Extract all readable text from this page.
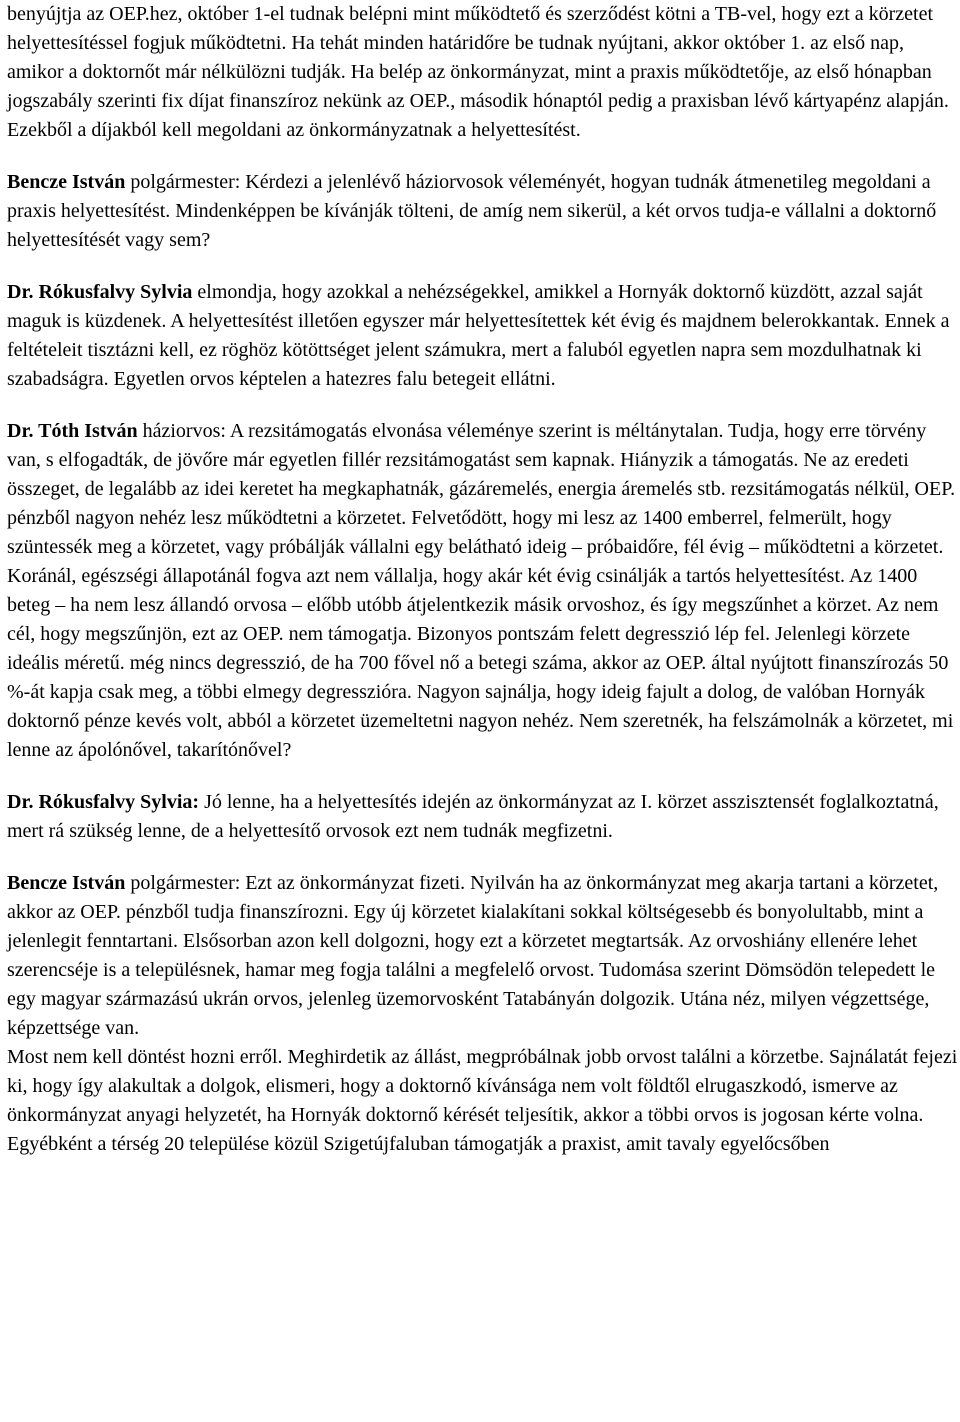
benyújtja az OEP.hez, október 1-el tudnak belépni mint működtető és szerződést kötni a TB-vel, hogy ezt a körzetet helyettesítéssel fogjuk működtetni. Ha tehát minden határidőre be tudnak nyújtani, akkor október 1. az első nap, amikor a doktornőt már nélkülözni tudják. Ha belép az önkormányzat, mint a praxis működtetője, az első hónapban jogszabály szerinti fix díjat finanszíroz nekünk az OEP., második hónaptól pedig a praxisban lévő kártyapénz alapján. Ezekből a díjakból kell megoldani az önkormányzatnak a helyettesítést.

Bencze István polgármester: Kérdezi a jelenlévő háziorvosok véleményét, hogyan tudnák átmenetileg megoldani a praxis helyettesítést. Mindenképpen be kívánják tölteni, de amíg nem sikerül, a két orvos tudja-e vállalni a doktornő helyettesítését vagy sem?

Dr. Rókusfalvy Sylvia elmondja, hogy azokkal a nehézségekkel, amikkel a Hornyák doktornő küzdött, azzal saját maguk is küzdenek. A helyettesítést illetően egyszer már helyettesítettek két évig és majdnem belerokkantak. Ennek a feltételeit tisztázni kell, ez röghöz kötöttséget jelent számukra, mert a faluból egyetlen napra sem mozdulhatnak ki szabadságra. Egyetlen orvos képtelen a hatezres falu betegeit ellátni.

Dr. Tóth István háziorvos: A rezsitámogatás elvonása véleménye szerint is méltánytalan. Tudja, hogy erre törvény van, s elfogadták, de jövőre már egyetlen fillér rezsitámogatást sem kapnak. Hiányzik a támogatás. Ne az eredeti összeget, de legalább az idei keretet ha megkaphatnák, gázáremelés, energia áremelés stb. rezsitámogatás nélkül, OEP. pénzből nagyon nehéz lesz működtetni a körzetet. Felvetődött, hogy mi lesz az 1400 emberrel, felmerült, hogy szüntessék meg a körzetet, vagy próbálják vállalni egy belátható ideig – próbaidőre, fél évig – működtetni a körzetet. Koránál, egészségi állapotánál fogva azt nem vállalja, hogy akár két évig csinálják a tartós helyettesítést. Az 1400 beteg – ha nem lesz állandó orvosa – előbb utóbb átjelentkezik másik orvoshoz, és így megszűnhet a körzet. Az nem cél, hogy megszűnjön, ezt az OEP. nem támogatja. Bizonyos pontszám felett degresszió lép fel. Jelenlegi körzete ideális méretű. még nincs degresszió, de ha 700 fővel nő a betegi száma, akkor az OEP. által nyújtott finanszírozás 50 %-át kapja csak meg, a többi elmegy degresszióra. Nagyon sajnálja, hogy ideig fajult a dolog, de valóban Hornyák doktornő pénze kevés volt, abból a körzetet üzemeltetni nagyon nehéz. Nem szeretnék, ha felszámolnák a körzetet, mi lenne az ápolónővel, takarítónővel?

Dr. Rókusfalvy Sylvia: Jó lenne, ha a helyettesítés idején az önkormányzat az I. körzet asszisztensét foglalkoztatná, mert rá szükség lenne, de a helyettesítő orvosok ezt nem tudnák megfizetni.

Bencze István polgármester: Ezt az önkormányzat fizeti. Nyilván ha az önkormányzat meg akarja tartani a körzetet, akkor az OEP. pénzből tudja finanszírozni. Egy új körzetet kialakítani sokkal költségesebb és bonyolultabb, mint a jelenlegit fenntartani. Elsősorban azon kell dolgozni, hogy ezt a körzetet megtartsák. Az orvoshiány ellenére lehet szerencséje is a településnek, hamar meg fogja találni a megfelelő orvost. Tudomása szerint Dömsödön telepedett le egy magyar származású ukrán orvos, jelenleg üzemorvosként Tatabányán dolgozik. Utána néz, milyen végzettsége, képzettsége van.

Most nem kell döntést hozni erről. Meghirdetik az állást, megpróbálnak jobb orvost találni a körzetbe. Sajnálatát fejezi ki, hogy így alakultak a dolgok, elismeri, hogy a doktornő kívánsága nem volt földtől elrugaszkodó, ismerve az önkormányzat anyagi helyzetét, ha Hornyák doktornő kérését teljesítik, akkor a többi orvos is jogosan kérte volna. Egyébként a térség 20 települése közül Szigetújfaluban támogatják a praxist, amit tavaly egyelőcsőben
